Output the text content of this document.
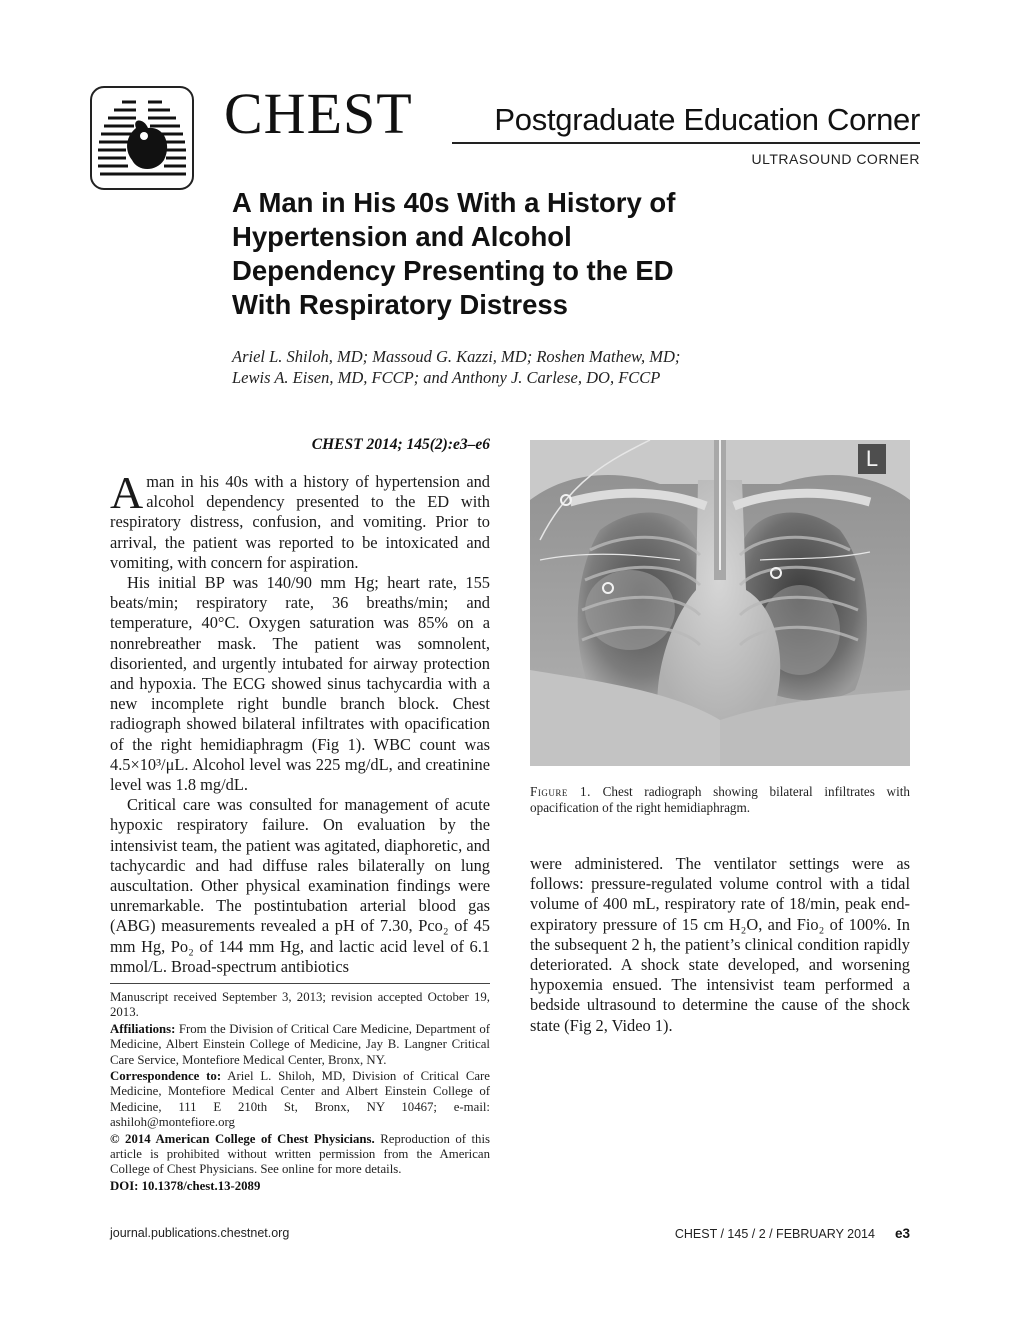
CHEST	Postgraduate Education Corner
ULTRASOUND CORNER
A Man in His 40s With a History of Hypertension and Alcohol Dependency Presenting to the ED With Respiratory Distress
Ariel L. Shiloh, MD; Massoud G. Kazzi, MD; Roshen Mathew, MD;
Lewis A. Eisen, MD, FCCP; and Anthony J. Carlese, DO, FCCP
CHEST 2014; 145(2):e3–e6

Aman in his 40s with a history of hypertension and alcohol dependency presented to the ED with respiratory distress, confusion, and vomiting. Prior to arrival, the patient was reported to be intoxicated and vomiting, with concern for aspiration.

His initial BP was 140/90 mm Hg; heart rate, 155 beats/min; respiratory rate, 36 breaths/min; and temperature, 40°C. Oxygen saturation was 85% on a nonrebreather mask. The patient was somnolent, disoriented, and urgently intubated for airway protection and hypoxia. The ECG showed sinus tachycardia with a new incomplete right bundle branch block. Chest radiograph showed bilateral infiltrates with opacification of the right hemidiaphragm (Fig 1). WBC count was 4.5×10³/μL. Alcohol level was 225 mg/dL, and creatinine level was 1.8 mg/dL.

Critical care was consulted for management of acute hypoxic respiratory failure. On evaluation by the intensivist team, the patient was agitated, diaphoretic, and tachycardic and had diffuse rales bilaterally on lung auscultation. Other physical examination findings were unremarkable. The postintubation arterial blood gas (ABG) measurements revealed a pH of 7.30, Pco₂ of 45 mm Hg, Po₂ of 144 mm Hg, and lactic acid level of 6.1 mmol/L. Broad-spectrum antibiotics

Manuscript received September 3, 2013; revision accepted October 19, 2013.

Affiliations: From the Division of Critical Care Medicine, Department of Medicine, Albert Einstein College of Medicine, Jay B. Langner Critical Care Service, Montefiore Medical Center, Bronx, NY.

Correspondence to: Ariel L. Shiloh, MD, Division of Critical Care Medicine, Montefiore Medical Center and Albert Einstein College of Medicine, 111 E 210th St, Bronx, NY 10467; e-mail: ashiloh@montefiore.org

© 2014 American College of Chest Physicians. Reproduction of this article is prohibited without written permission from the American College of Chest Physicians. See online for more details.

DOI: 10.1378/chest.13-2089

L
Figure 1. Chest radiograph showing bilateral infiltrates with opacification of the right hemidiaphragm.

were administered. The ventilator settings were as follows: pressure-regulated volume control with a tidal volume of 400 mL, respiratory rate of 18/min, peak end-expiratory pressure of 15 cm H₂O, and Fio₂ of 100%. In the subsequent 2 h, the patient’s clinical condition rapidly deteriorated. A shock state developed, and worsening hypoxemia ensued. The intensivist team performed a bedside ultrasound to determine the cause of the shock state (Fig 2, Video 1).

journal.publications.chestnet.org	CHEST / 145 / 2 / FEBRUARY 2014 e3
